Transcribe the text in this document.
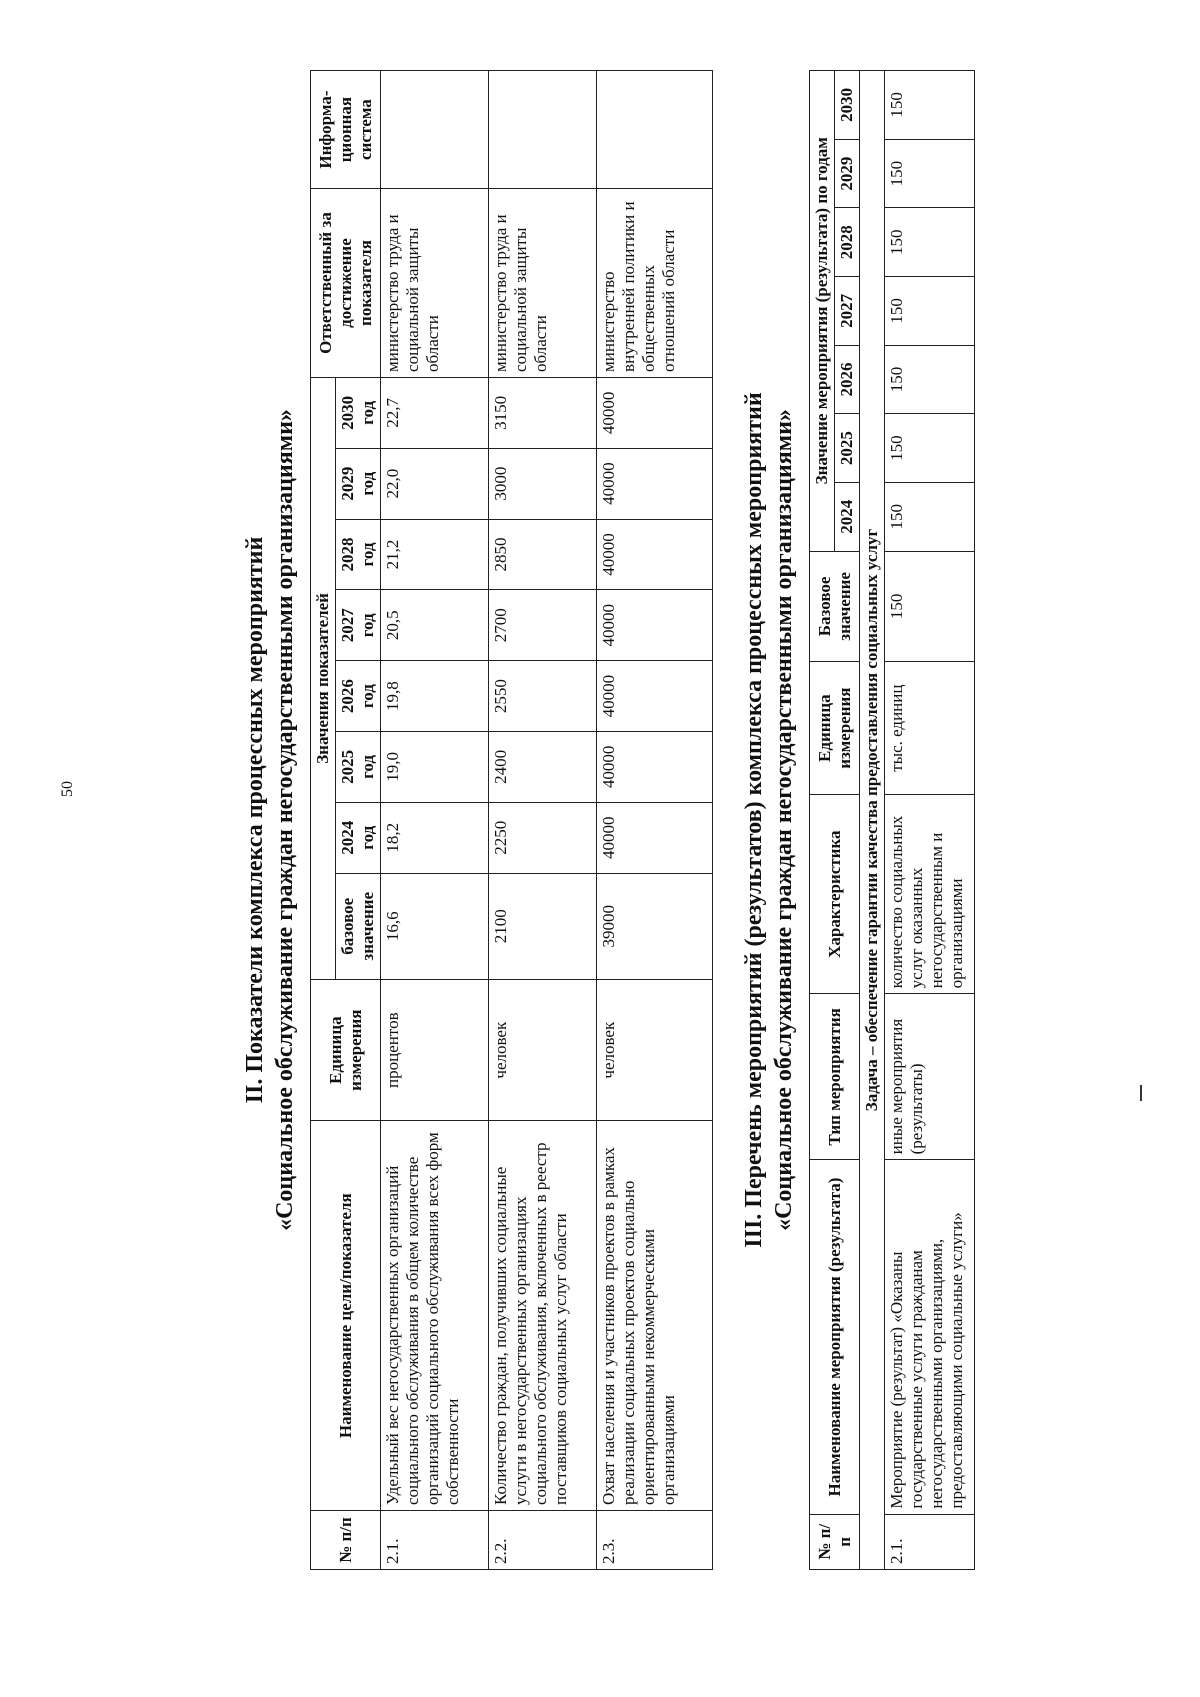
50	II. Показатели комплекса процессных мероприятий «Социальное обслуживание граждан негосударственными организациями»

№ п/п	Наименование цели/показателя	Единица измерения	Значения показателей								Ответственный за достижение показателя	Информа-ционная система
			базовое значение	2024 год	2025 год	2026 год	2027 год	2028 год	2029 год	2030 год		
2.1.	Удельный вес негосударственных организаций социального обслуживания в общем количестве организаций социального обслуживания всех форм собственности	процентов	16,6	18,2	19,0	19,8	20,5	21,2	22,0	22,7	министерство труда и социальной защиты области	
2.2.	Количество граждан, получивших социальные услуги в негосударственных организациях социального обслуживания, включенных в реестр поставщиков социальных услуг области	человек	2100	2250	2400	2550	2700	2850	3000	3150	министерство труда и социальной защиты области	
2.3.	Охват населения и участников проектов в рамках реализации социальных проектов социально ориентированными некоммерческими организациями	человек	39000	40000	40000	40000	40000	40000	40000	40000	министерство внутренней политики и общественных отношений области	

III. Перечень мероприятий (результатов) комплекса процессных мероприятий «Социальное обслуживание граждан негосударственными организациями»

№ п/п	Наименование мероприятия (результата)	Тип мероприятия	Характеристика	Единица измерения	Базовое значение	Значение мероприятия (результата) по годам						
						2024	2025	2026	2027	2028	2029	2030
Задача – обеспечение гарантии качества предоставления социальных услуг												
2.1.	Мероприятие (результат) «Оказаны государственные услуги гражданам негосударственными организациями, предоставляющими социальные услуги»	иные мероприятия (результаты)	количество социальных услуг оказанных негосударственным и организациями	тыс. единиц	150	150	150	150	150	150	150	150
